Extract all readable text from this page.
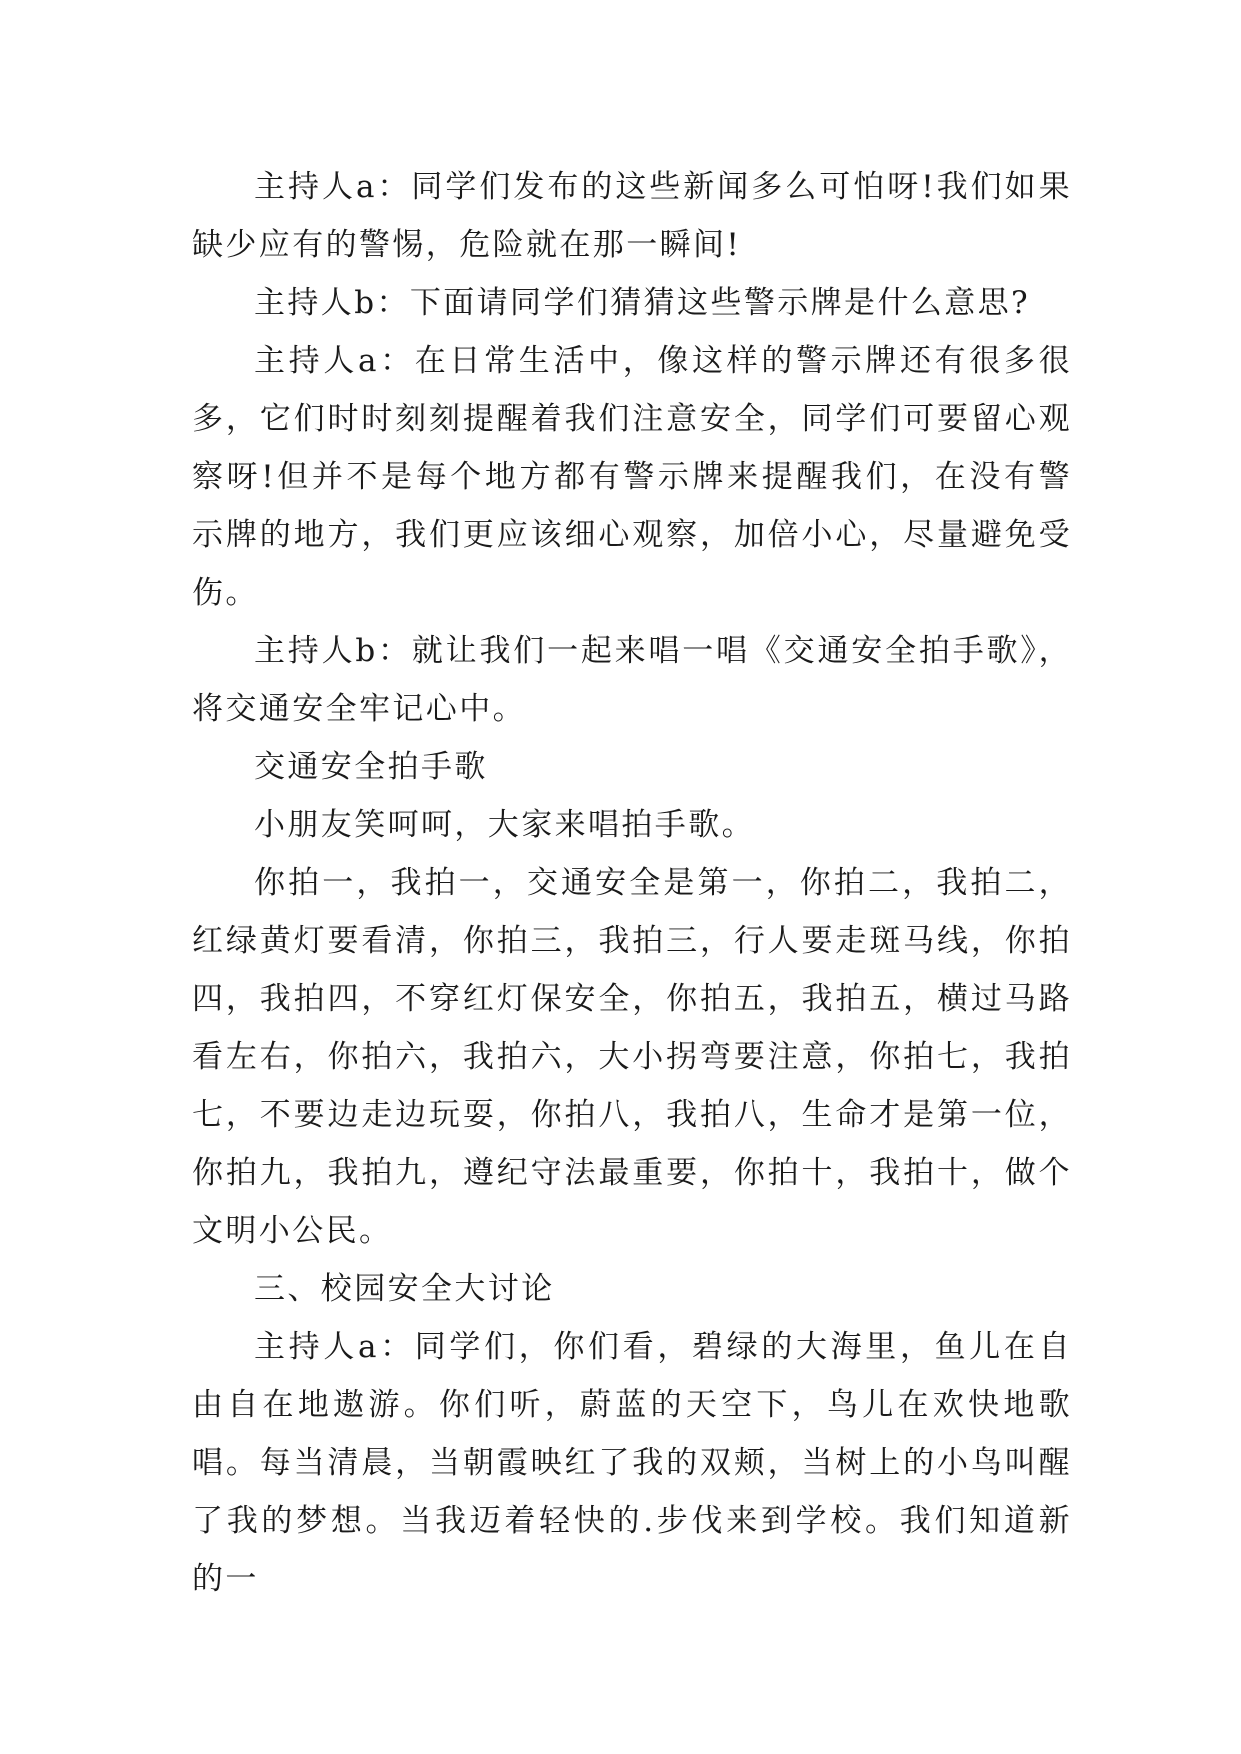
主持人a：同学们发布的这些新闻多么可怕呀!我们如果缺少应有的警惕，危险就在那一瞬间!

主持人b：下面请同学们猜猜这些警示牌是什么意思?

主持人a：在日常生活中，像这样的警示牌还有很多很多，它们时时刻刻提醒着我们注意安全，同学们可要留心观察呀!但并不是每个地方都有警示牌来提醒我们，在没有警示牌的地方，我们更应该细心观察，加倍小心，尽量避免受伤。

主持人b：就让我们一起来唱一唱《交通安全拍手歌》，将交通安全牢记心中。

交通安全拍手歌

小朋友笑呵呵，大家来唱拍手歌。

你拍一，我拍一，交通安全是第一，你拍二，我拍二，红绿黄灯要看清，你拍三，我拍三，行人要走斑马线，你拍四，我拍四，不穿红灯保安全，你拍五，我拍五，横过马路看左右，你拍六，我拍六，大小拐弯要注意，你拍七，我拍七，不要边走边玩耍，你拍八，我拍八，生命才是第一位，你拍九，我拍九，遵纪守法最重要，你拍十，我拍十，做个文明小公民。

三、校园安全大讨论

主持人a：同学们，你们看，碧绿的大海里，鱼儿在自由自在地遨游。你们听，蔚蓝的天空下，鸟儿在欢快地歌唱。每当清晨，当朝霞映红了我的双颊，当树上的小鸟叫醒了我的梦想。当我迈着轻快的.步伐来到学校。我们知道新的一
